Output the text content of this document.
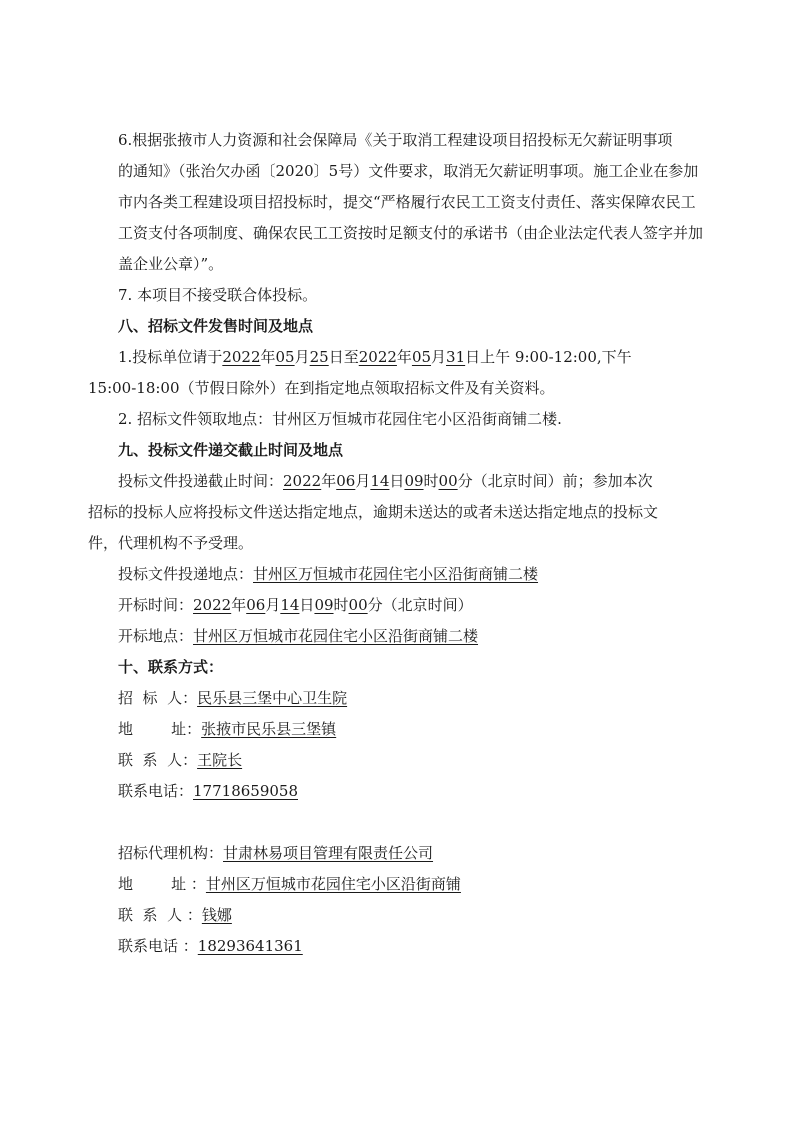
6.根据张掖市人力资源和社会保障局《关于取消工程建设项目招投标无欠薪证明事项
的通知》（张治欠办函〔2020〕5号）文件要求，取消无欠薪证明事项。施工企业在参加
市内各类工程建设项目招投标时，提交“严格履行农民工工资支付责任、落实保障农民工
工资支付各项制度、确保农民工工资按时足额支付的承诺书（由企业法定代表人签字并加
盖企业公章）”。
7. 本项目不接受联合体投标。
八、招标文件发售时间及地点
1.投标单位请于2022年05月25日至2022年05月31日上午 9:00-12:00,下午
15:00-18:00（节假日除外）在到指定地点领取招标文件及有关资料。
2. 招标文件领取地点：甘州区万恒城市花园住宅小区沿街商铺二楼.
九、投标文件递交截止时间及地点
投标文件投递截止时间：2022年06月14日09时00分（北京时间）前；参加本次
招标的投标人应将投标文件送达指定地点，逾期未送达的或者未送达指定地点的投标文
件，代理机构不予受理。
投标文件投递地点：甘州区万恒城市花园住宅小区沿街商铺二楼
开标时间：2022年06月14日09时00分（北京时间）
开标地点：甘州区万恒城市花园住宅小区沿街商铺二楼
十、联系方式：
招  标  人：民乐县三堡中心卫生院
地        址：张掖市民乐县三堡镇
联  系  人：王院长
联系电话：17718659058
招标代理机构：甘肃林易项目管理有限责任公司
地        址 ：甘州区万恒城市花园住宅小区沿街商铺
联  系  人 ：钱娜
联系电话 ：18293641361
